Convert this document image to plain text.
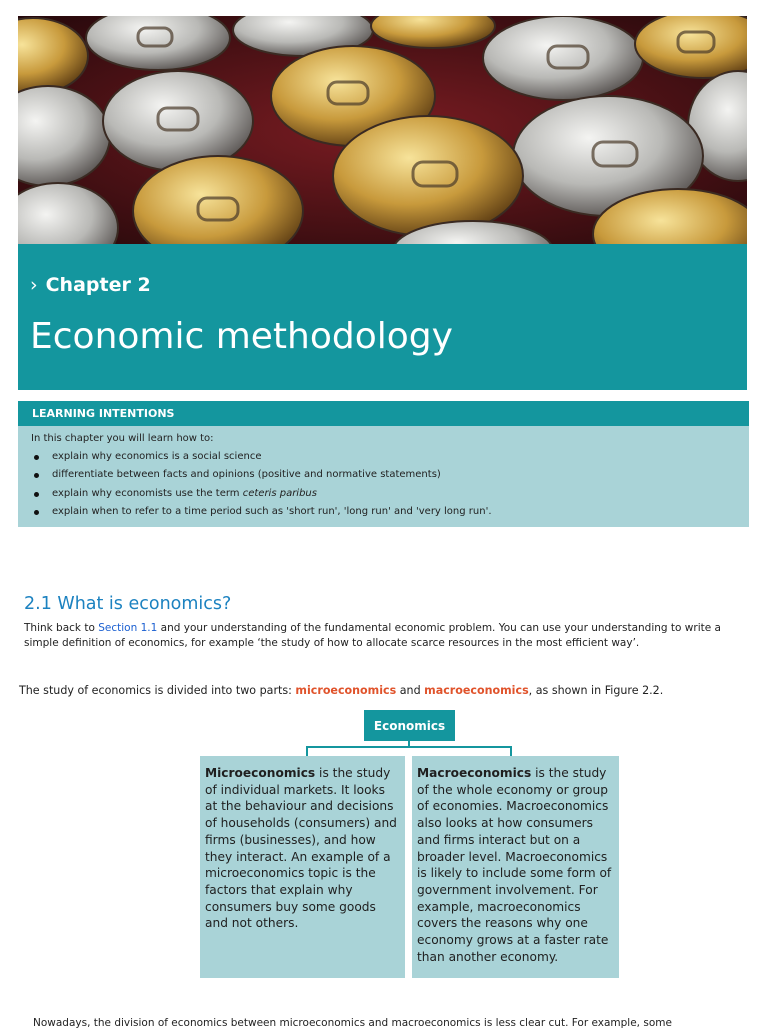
› Chapter 2
Economic methodology
LEARNING INTENTIONS
In this chapter you will learn how to:
explain why economics is a social science
differentiate between facts and opinions (positive and normative statements)
explain why economists use the term ceteris paribus
explain when to refer to a time period such as 'short run', 'long run' and 'very long run'.
2.1 What is economics?
Think back to Section 1.1 and your understanding of the fundamental economic problem. You can use your understanding to write a simple definition of economics, for example ‘the study of how to allocate scarce resources in the most efficient way’.
The study of economics is divided into two parts: microeconomics and macroeconomics, as shown in Figure 2.2.
Economics
Microeconomics is the study of individual markets. It looks at the behaviour and decisions of households (consumers) and firms (businesses), and how they interact. An example of a microeconomics topic is the factors that explain why consumers buy some goods and not others.
Macroeconomics is the study of the whole economy or group of economies. Macroeconomics also looks at how consumers and firms interact but on a broader level. Macroeconomics is likely to include some form of government involvement. For example, macroeconomics covers the reasons why one economy grows at a faster rate than another economy.
Nowadays, the division of economics between microeconomics and macroeconomics is less clear cut. For example, some
